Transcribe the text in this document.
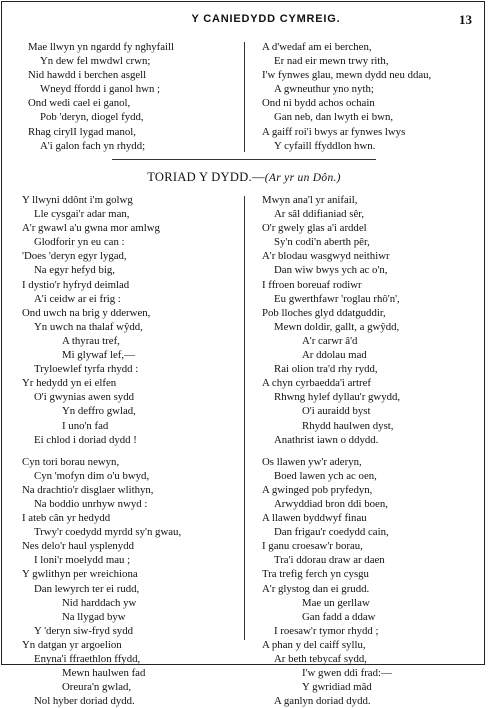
Y CANIEDYDD CYMREIG.	13
Mae llwyn yn ngardd fy nghyfaill
Yn dew fel mwdwl crwn;
Nid hawdd i berchen asgell
Wneyd ffordd i ganol hwn ;
Ond wedi cael ei ganol,
Pob 'deryn, diogel fydd,
Rhag cirylI lygad manol,
A'i galon fach yn rhydd;
A d'wedaf am ei berchen,
Er nad eir mewn trwy rith,
I'w fynwes glau, mewn dydd neu ddau,
A gwneuthur yno nyth;
Ond ni bydd achos ochain
Gan neb, dan lwyth ei bwn,
A gaiff roi'i bwys ar fynwes lwys
Y cyfaill ffyddlon hwn.
TORIAD Y DYDD.—(Ar yr un Dôn.)
Y llwyni ddônt i'm golwg
Lle cysgai'r adar man,
A'r gwawl a'u gwna mor amlwg
Glodforir yn eu can :
'Does 'deryn egyr lygad,
Na egyr hefyd big,
I dystio'r hyfryd deimlad
A'i ceidw ar ei frig :
Ond uwch na brig y dderwen,
Yn uwch na thalaf wŷdd,
A thyrau tref,
Mi glywaf lef,—
Tryloewlef tyrfa rhydd :
Yr hedydd yn ei elfen
O'i gwynias awen sydd
Yn deffro gwlad,
I uno'n fad
Ei chlod i doriad dydd !
Cyn tori borau newyn,
Cyn 'mofyn dim o'u bwyd,
Na drachtio'r disglaer wlithyn,
Na boddio unrhyw nwyd :
I ateb cân yr hedydd
Trwy'r coedydd myrdd sy'n gwau,
Nes delo'r haul ysplenydd
I loni'r moelydd mau ;
Y gwlithyn per wreichiona
Dan lewyrch ter ei rudd,
Nid harddach yw
Na llygad byw
Y 'deryn siw-fryd sydd
Yn datgan yr argoelion
Enyna'i ffraethlon ffydd,
Mewn haulwen fad
Oreura'n gwlad,
Nol hyber doriad dydd.
Mwyn ana'l yr anifail,
Ar sâl ddifianiad sêr,
O'r gwely glas a'i arddel
Sy'n codi'n aberth pêr,
A'r blodau wasgwyd neithiwr
Dan wiw bwys ych ac o'n,
I ffroen boreuaf rodiwr
Eu gwerthfawr 'roglau rhô'n',
Pob lloches glyd ddatguddir,
Mewn doldir, gallt, a gwŷdd,
A'r carwr â'd
Ar ddolau mad
Rai olion tra'd rhy rydd,
A chyn cyrbaedda'i artref
Rhwng hylef dyllau'r gwydd,
O'i auraidd byst
Rhydd haulwen dyst,
Anathrist iawn o ddydd.
Os llawen yw'r aderyn,
Boed lawen ych ac oen,
A gwinged pob pryfedyn,
Arwyddiad bron ddi boen,
A llawen byddwyf finau
Dan frigau'r coedydd cain,
I ganu croesaw'r borau,
Tra'i ddorau draw ar daen
Tra trefig ferch yn cysgu
A'r glystog dan ei grudd.
Mae un gerllaw
Gan fadd a ddaw
I roesaw'r tymor rhydd ;
A phan y del caiff syllu,
Ar beth tebycaf sydd,
I'w gwen ddi frad:—
Y gwridiad mâd
A ganlyn doriad dydd.
